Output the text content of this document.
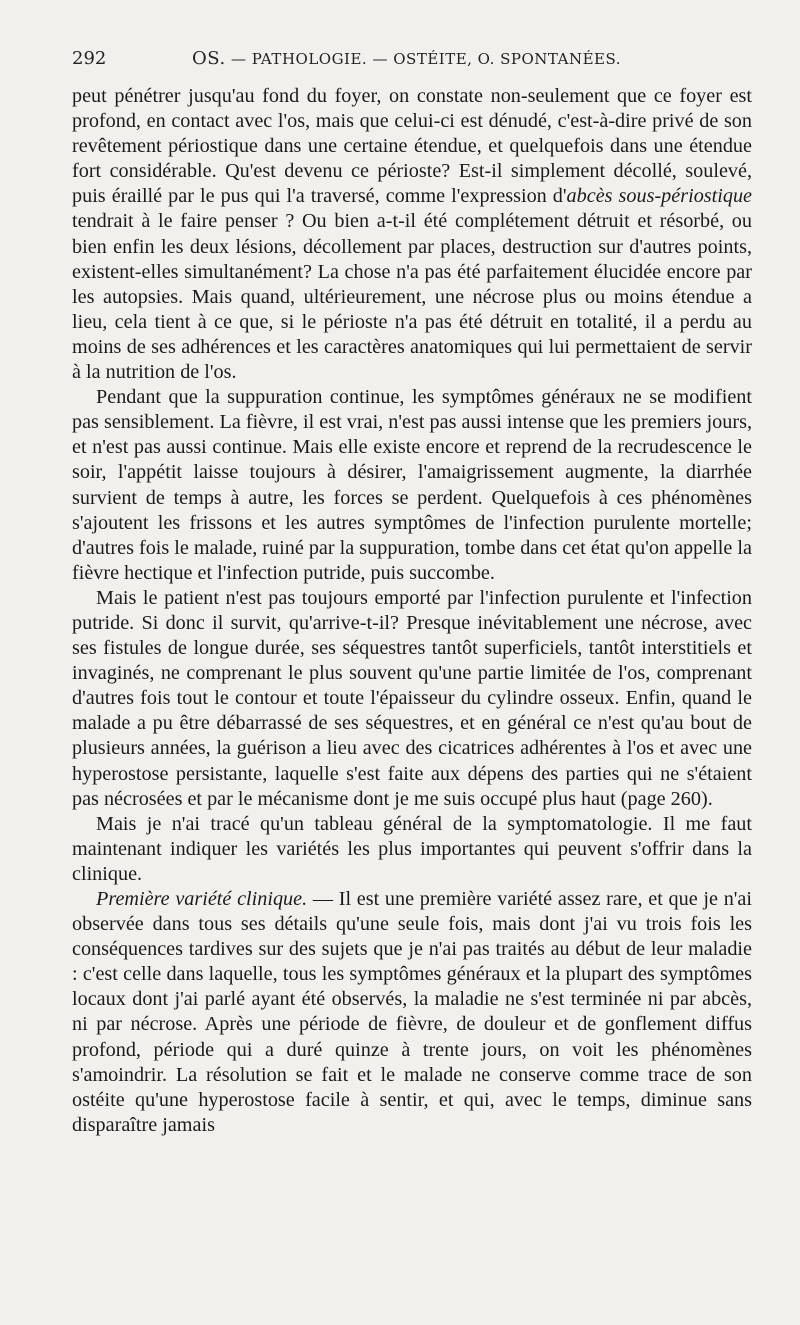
292	OS. — PATHOLOGIE. — OSTÉITE, O. SPONTANÉES.

peut pénétrer jusqu'au fond du foyer, on constate non-seulement que ce foyer est profond, en contact avec l'os, mais que celui-ci est dénudé, c'est-à-dire privé de son revêtement périostique dans une certaine étendue, et quelquefois dans une étendue fort considérable. Qu'est devenu ce périoste? Est-il simplement décollé, soulevé, puis éraillé par le pus qui l'a traversé, comme l'expression d'abcès sous-périostique tendrait à le faire penser ? Ou bien a-t-il été complétement détruit et résorbé, ou bien enfin les deux lésions, décollement par places, destruction sur d'autres points, existent-elles simultanément? La chose n'a pas été parfaitement élucidée encore par les autopsies. Mais quand, ultérieurement, une nécrose plus ou moins étendue a lieu, cela tient à ce que, si le périoste n'a pas été détruit en totalité, il a perdu au moins de ses adhérences et les caractères anatomiques qui lui permettaient de servir à la nutrition de l'os.

Pendant que la suppuration continue, les symptômes généraux ne se modifient pas sensiblement. La fièvre, il est vrai, n'est pas aussi intense que les premiers jours, et n'est pas aussi continue. Mais elle existe encore et reprend de la recrudescence le soir, l'appétit laisse toujours à désirer, l'amaigrissement augmente, la diarrhée survient de temps à autre, les forces se perdent. Quelquefois à ces phénomènes s'ajoutent les frissons et les autres symptômes de l'infection purulente mortelle; d'autres fois le malade, ruiné par la suppuration, tombe dans cet état qu'on appelle la fièvre hectique et l'infection putride, puis succombe.

Mais le patient n'est pas toujours emporté par l'infection purulente et l'infection putride. Si donc il survit, qu'arrive-t-il? Presque inévitablement une nécrose, avec ses fistules de longue durée, ses séquestres tantôt superficiels, tantôt interstitiels et invaginés, ne comprenant le plus souvent qu'une partie limitée de l'os, comprenant d'autres fois tout le contour et toute l'épaisseur du cylindre osseux. Enfin, quand le malade a pu être débarrassé de ses séquestres, et en général ce n'est qu'au bout de plusieurs années, la guérison a lieu avec des cicatrices adhérentes à l'os et avec une hyperostose persistante, laquelle s'est faite aux dépens des parties qui ne s'étaient pas nécrosées et par le mécanisme dont je me suis occupé plus haut (page 260).

Mais je n'ai tracé qu'un tableau général de la symptomatologie. Il me faut maintenant indiquer les variétés les plus importantes qui peuvent s'offrir dans la clinique.

Première variété clinique. — Il est une première variété assez rare, et que je n'ai observée dans tous ses détails qu'une seule fois, mais dont j'ai vu trois fois les conséquences tardives sur des sujets que je n'ai pas traités au début de leur maladie : c'est celle dans laquelle, tous les symptômes généraux et la plupart des symptômes locaux dont j'ai parlé ayant été observés, la maladie ne s'est terminée ni par abcès, ni par nécrose. Après une période de fièvre, de douleur et de gonflement diffus profond, période qui a duré quinze à trente jours, on voit les phénomènes s'amoindrir. La résolution se fait et le malade ne conserve comme trace de son ostéite qu'une hyperostose facile à sentir, et qui, avec le temps, diminue sans disparaître jamais
